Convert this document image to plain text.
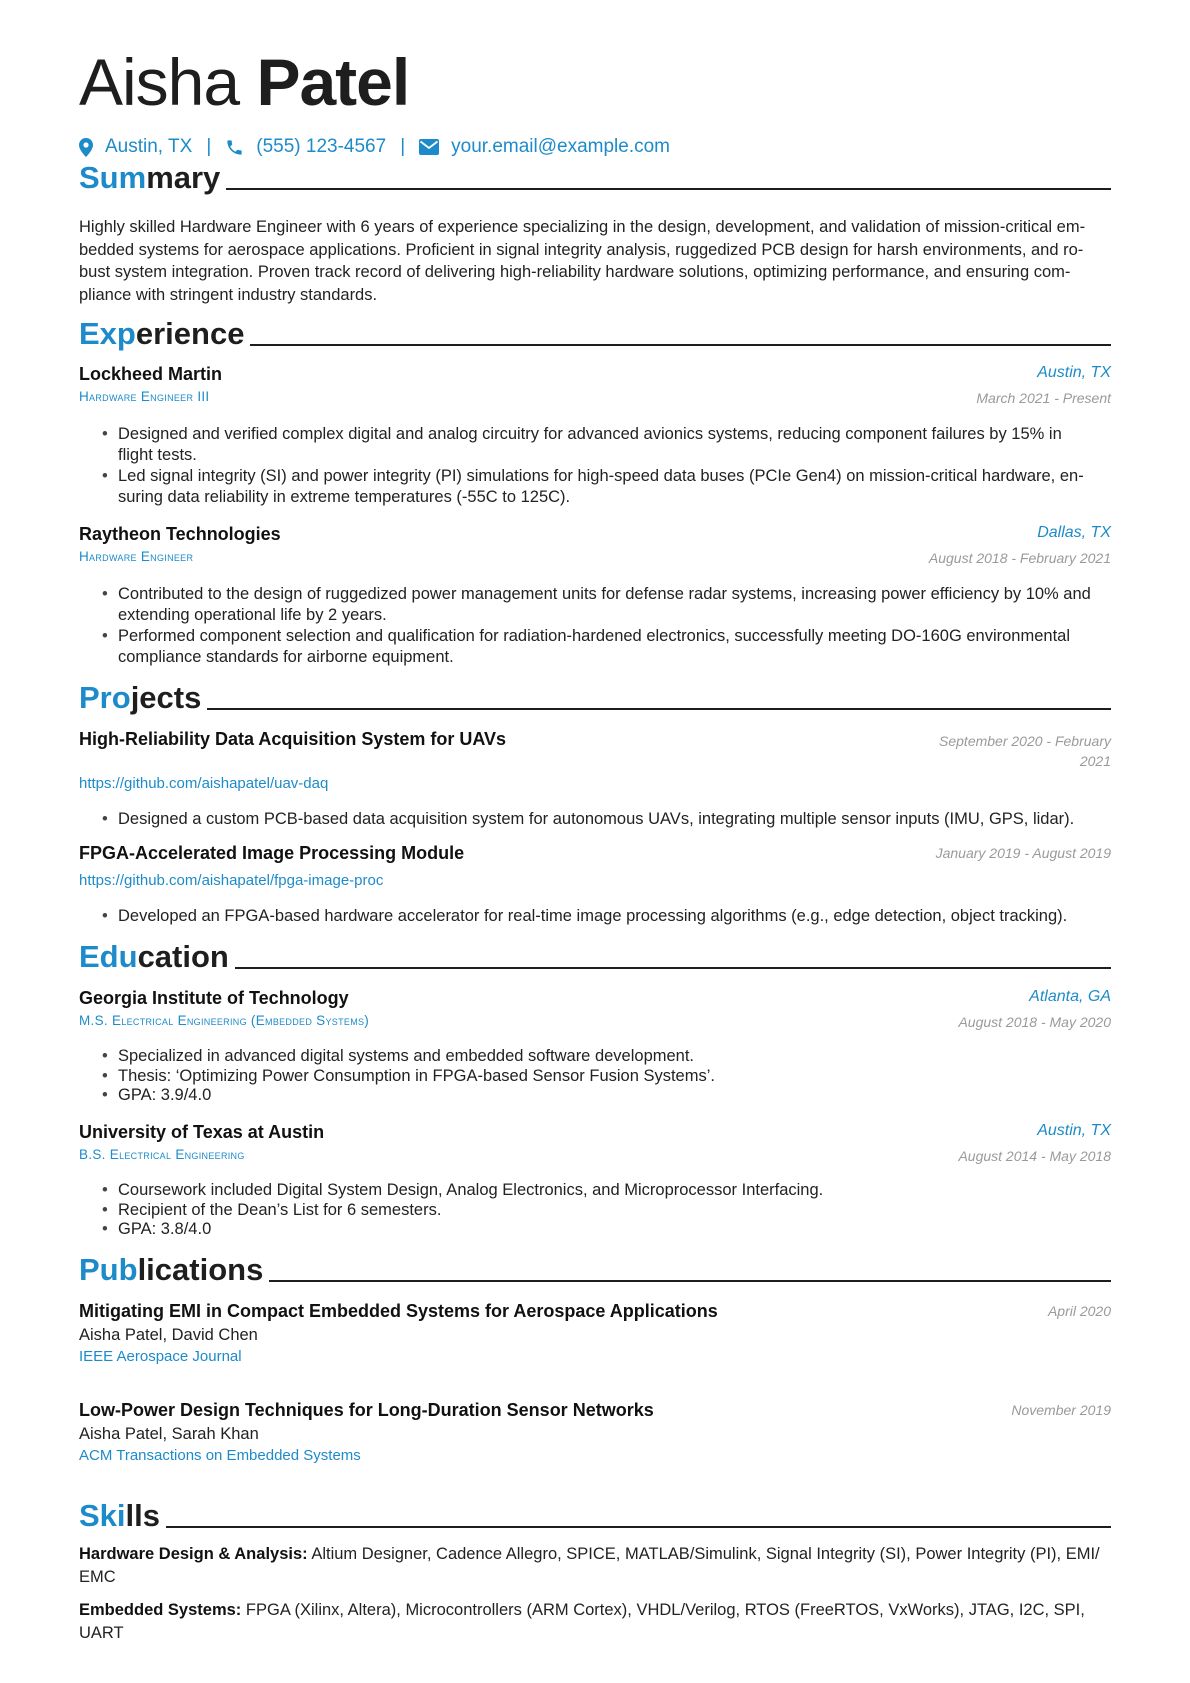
Aisha Patel
Austin, TX | (555) 123-4567 | your.email@example.com
Summary
Highly skilled Hardware Engineer with 6 years of experience specializing in the design, development, and validation of mission-critical em-
bedded systems for aerospace applications. Proficient in signal integrity analysis, ruggedized PCB design for harsh environments, and ro-
bust system integration. Proven track record of delivering high-reliability hardware solutions, optimizing performance, and ensuring com-
pliance with stringent industry standards.
Experience
Lockheed Martin	Austin, TX
Hardware Engineer III	March 2021 - Present
• Designed and verified complex digital and analog circuitry for advanced avionics systems, reducing component failures by 15% in
flight tests.
• Led signal integrity (SI) and power integrity (PI) simulations for high-speed data buses (PCIe Gen4) on mission-critical hardware, en-
suring data reliability in extreme temperatures (-55C to 125C).
Raytheon Technologies	Dallas, TX
Hardware Engineer	August 2018 - February 2021
• Contributed to the design of ruggedized power management units for defense radar systems, increasing power efficiency by 10% and
extending operational life by 2 years.
• Performed component selection and qualification for radiation-hardened electronics, successfully meeting DO-160G environmental
compliance standards for airborne equipment.
Projects
High-Reliability Data Acquisition System for UAVs	September 2020 - February
2021
https://github.com/aishapatel/uav-daq
• Designed a custom PCB-based data acquisition system for autonomous UAVs, integrating multiple sensor inputs (IMU, GPS, lidar).
FPGA-Accelerated Image Processing Module	January 2019 - August 2019
https://github.com/aishapatel/fpga-image-proc
• Developed an FPGA-based hardware accelerator for real-time image processing algorithms (e.g., edge detection, object tracking).
Education
Georgia Institute of Technology	Atlanta, GA
M.S. Electrical Engineering (Embedded Systems)	August 2018 - May 2020
• Specialized in advanced digital systems and embedded software development.
• Thesis: ‘Optimizing Power Consumption in FPGA-based Sensor Fusion Systems’.
• GPA: 3.9/4.0
University of Texas at Austin	Austin, TX
B.S. Electrical Engineering	August 2014 - May 2018
• Coursework included Digital System Design, Analog Electronics, and Microprocessor Interfacing.
• Recipient of the Dean’s List for 6 semesters.
• GPA: 3.8/4.0
Publications
Mitigating EMI in Compact Embedded Systems for Aerospace Applications	April 2020
Aisha Patel, David Chen
IEEE Aerospace Journal
Low-Power Design Techniques for Long-Duration Sensor Networks	November 2019
Aisha Patel, Sarah Khan
ACM Transactions on Embedded Systems
Skills
Hardware Design & Analysis: Altium Designer, Cadence Allegro, SPICE, MATLAB/Simulink, Signal Integrity (SI), Power Integrity (PI), EMI/
EMC
Embedded Systems: FPGA (Xilinx, Altera), Microcontrollers (ARM Cortex), VHDL/Verilog, RTOS (FreeRTOS, VxWorks), JTAG, I2C, SPI, UART
